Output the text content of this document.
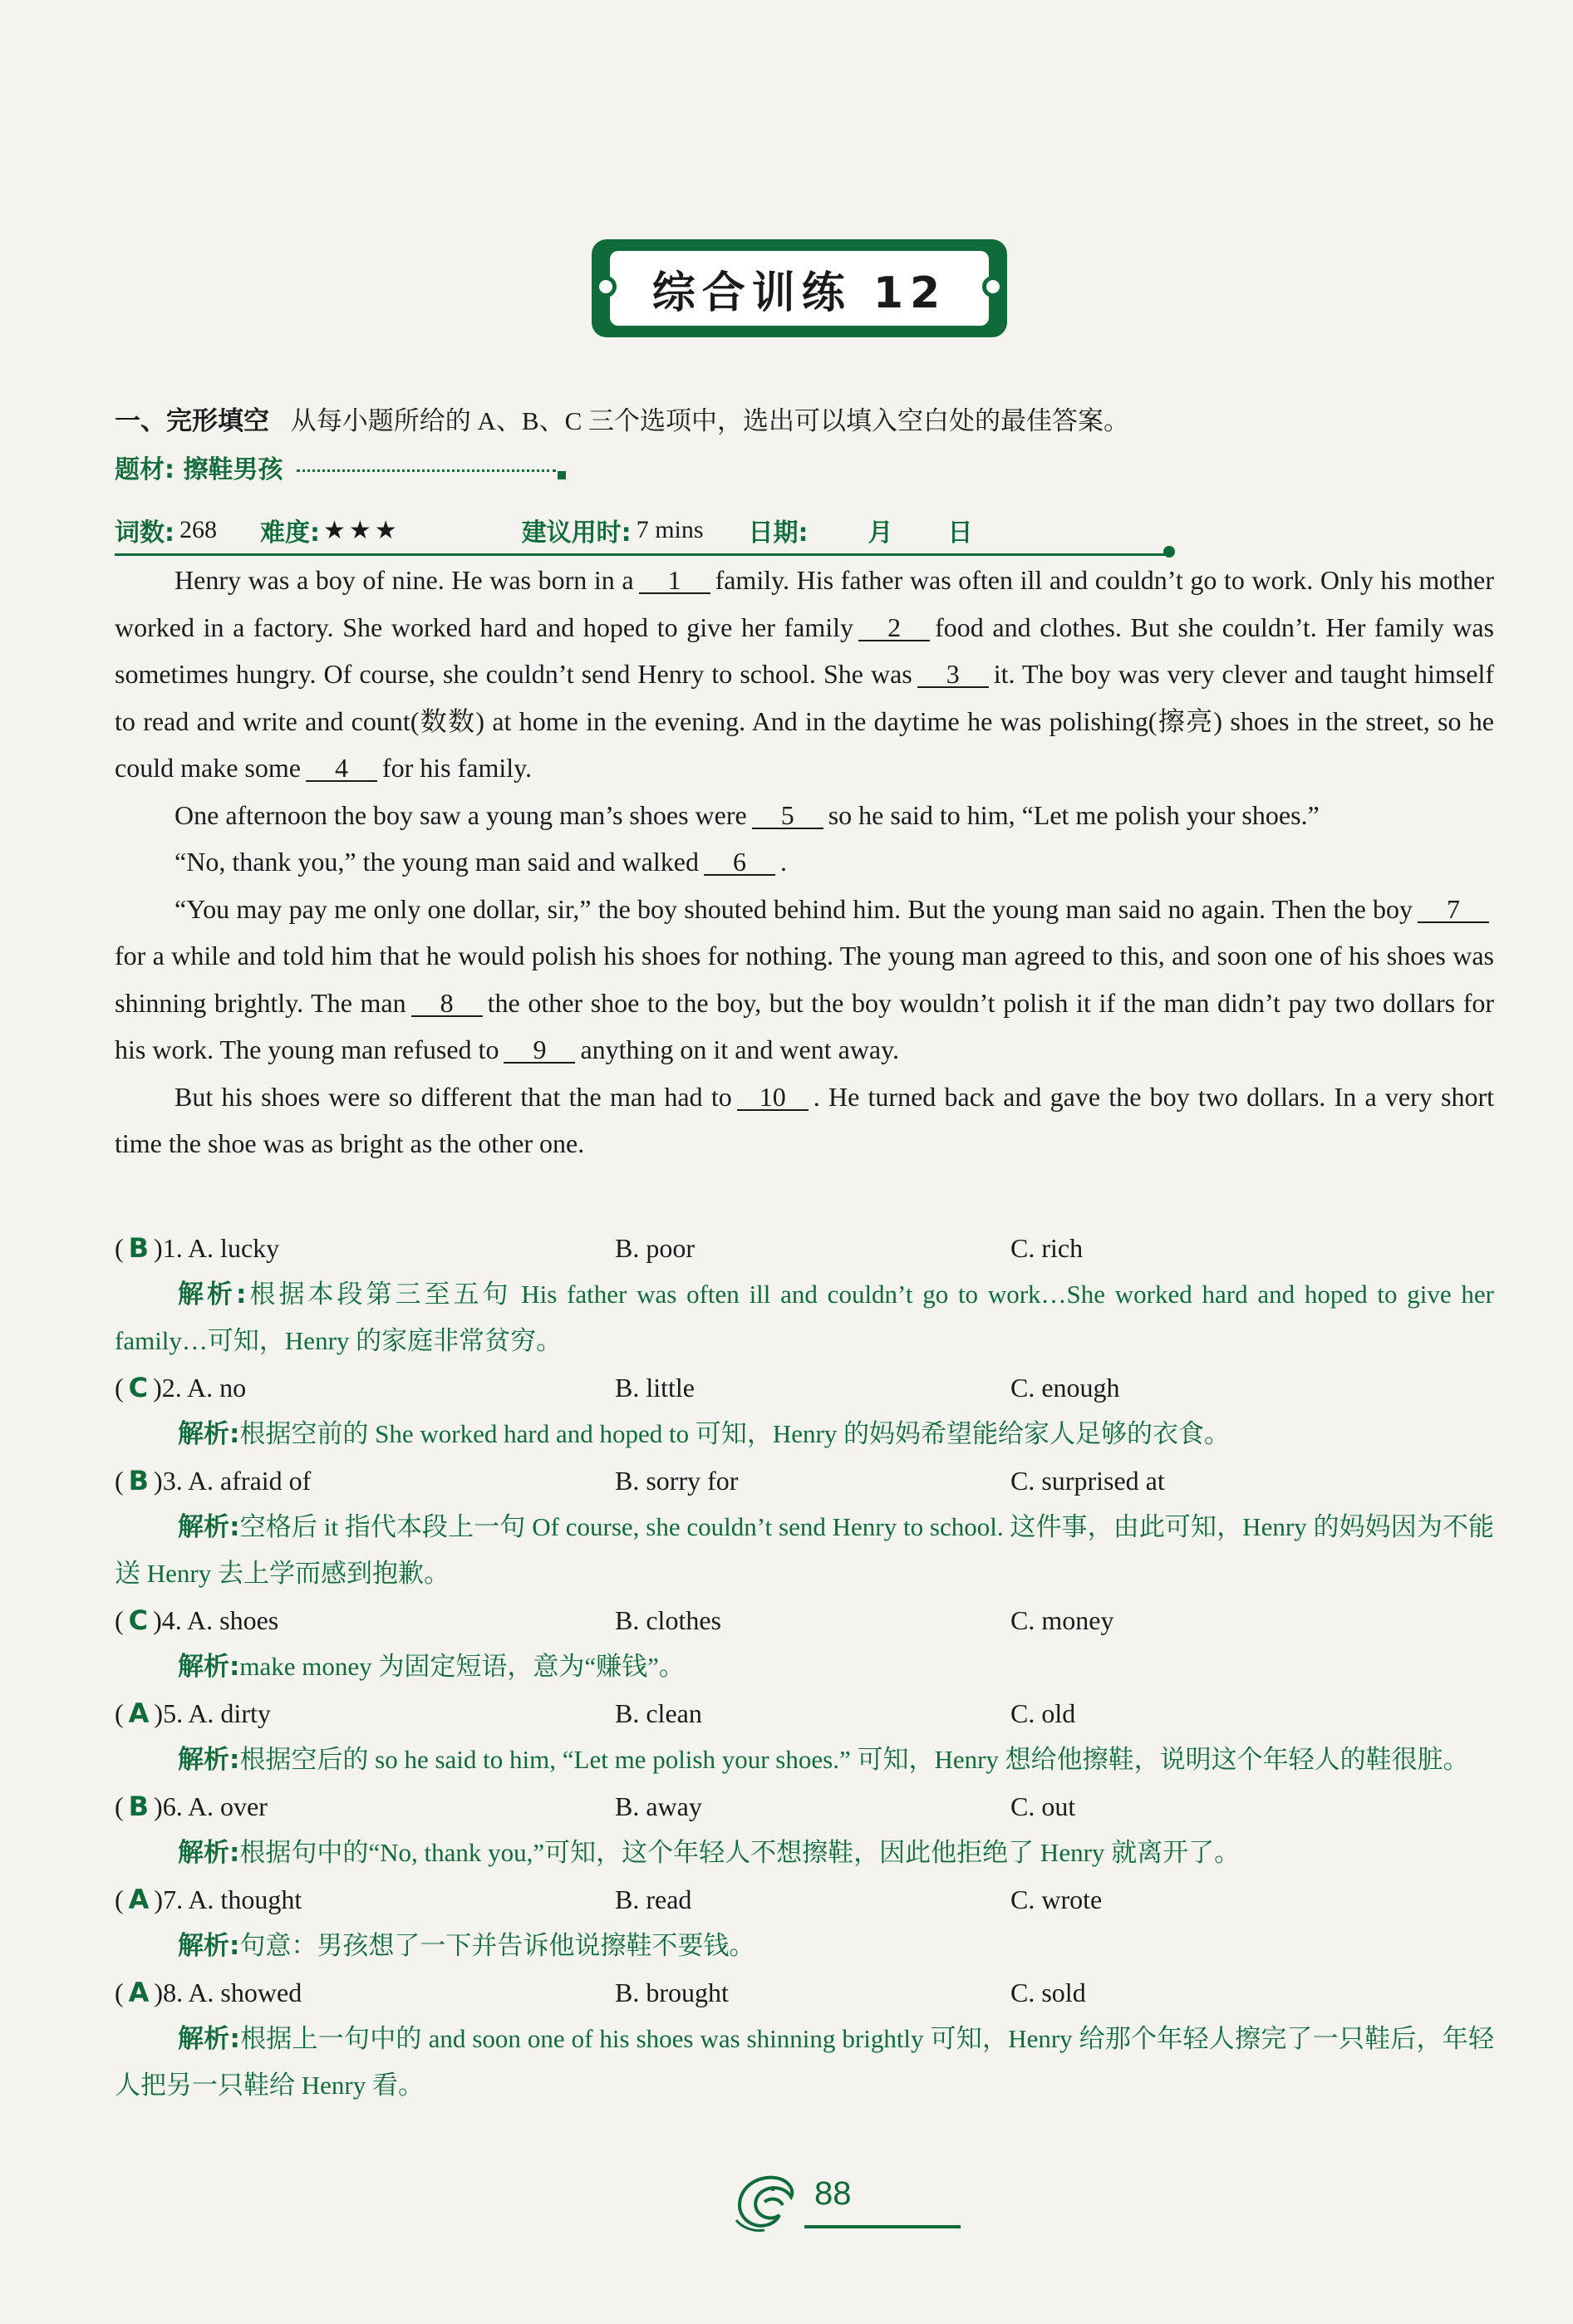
综合训练 12
一、完形填空 从每小题所给的 A、B、C 三个选项中，选出可以填入空白处的最佳答案。
题材: 擦鞋男孩
词数: 268 难度: ★★★	建议用时: 7 mins 日期: 月 日

Henry was a boy of nine. He was born in a 1 family. His father was often ill and couldn’t go to work. Only his mother worked in a factory. She worked hard and hoped to give her family 2 food and clothes. But she couldn’t. Her family was sometimes hungry. Of course, she couldn’t send Henry to school. She was 3 it. The boy was very clever and taught himself to read and write and count(数数) at home in the evening. And in the daytime he was polishing(擦亮) shoes in the street, so he could make some 4 for his family.

One afternoon the boy saw a young man’s shoes were 5 so he said to him, “Let me polish your shoes.”

“No, thank you,” the young man said and walked 6 .

“You may pay me only one dollar, sir,” the boy shouted behind him. But the young man said no again. Then the boy 7for a while and told him that he would polish his shoes for nothing. The young man agreed to this, and soon one of his shoes was shinning brightly. The man 8 the other shoe to the boy, but the boy wouldn’t polish it if the man didn’t pay two dollars for his work. The young man refused to 9 anything on it and went away.

But his shoes were so different that the man had to 10 . He turned back and gave the boy two dollars. In a very short time the shoe was as bright as the other one.

( B )1. A. lucky	B. poor	C. rich
解析:根据本段第三至五句 His father was often ill and couldn’t go to work…She worked hard and hoped to give her family…可知，Henry 的家庭非常贫穷。
( C )2. A. no	B. little	C. enough
解析:根据空前的 She worked hard and hoped to 可知，Henry 的妈妈希望能给家人足够的衣食。
( B )3. A. afraid of	B. sorry for	C. surprised at
解析:空格后 it 指代本段上一句 Of course, she couldn’t send Henry to school. 这件事，由此可知，Henry 的妈妈因为不能送 Henry 去上学而感到抱歉。
( C )4. A. shoes	B. clothes	C. money
解析:make money 为固定短语，意为“赚钱”。
( A )5. A. dirty	B. clean	C. old
解析:根据空后的 so he said to him, “Let me polish your shoes.” 可知，Henry 想给他擦鞋，说明这个年轻人的鞋很脏。
( B )6. A. over	B. away	C. out
解析:根据句中的“No, thank you,”可知，这个年轻人不想擦鞋，因此他拒绝了 Henry 就离开了。
( A )7. A. thought	B. read	C. wrote
解析:句意：男孩想了一下并告诉他说擦鞋不要钱。
( A )8. A. showed	B. brought	C. sold
解析:根据上一句中的 and soon one of his shoes was shinning brightly 可知，Henry 给那个年轻人擦完了一只鞋后，年轻人把另一只鞋给 Henry 看。
88
